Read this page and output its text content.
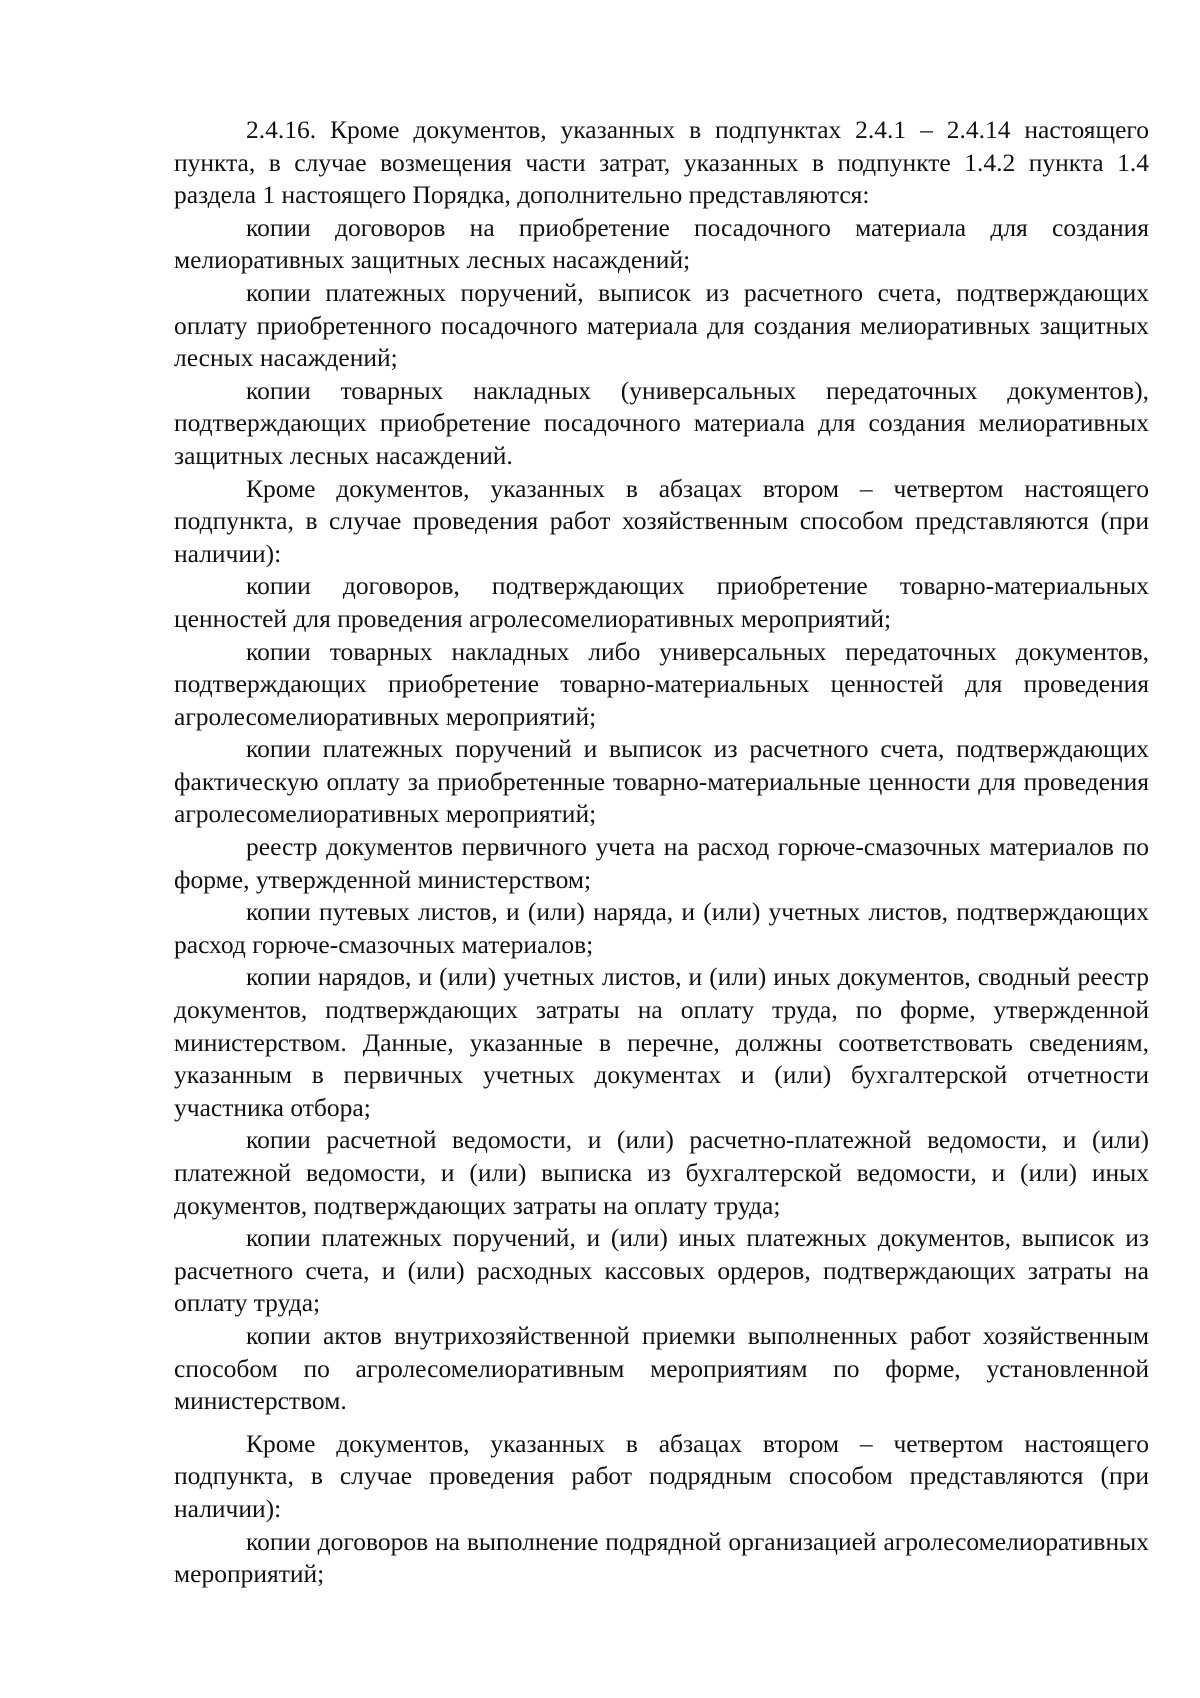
2.4.16. Кроме документов, указанных в подпунктах 2.4.1 – 2.4.14 настоящего пункта, в случае возмещения части затрат, указанных в подпункте 1.4.2 пункта 1.4 раздела 1 настоящего Порядка, дополнительно представляются:

копии договоров на приобретение посадочного материала для создания мелиоративных защитных лесных насаждений;

копии платежных поручений, выписок из расчетного счета, подтверждающих оплату приобретенного посадочного материала для создания мелиоративных защитных лесных насаждений;

копии товарных накладных (универсальных передаточных документов), подтверждающих приобретение посадочного материала для создания мелиоративных защитных лесных насаждений.

Кроме документов, указанных в абзацах втором – четвертом настоящего подпункта, в случае проведения работ хозяйственным способом представляются (при наличии):

копии договоров, подтверждающих приобретение товарно-материальных ценностей для проведения агролесомелиоративных мероприятий;

копии товарных накладных либо универсальных передаточных документов, подтверждающих приобретение товарно-материальных ценностей для проведения агролесомелиоративных мероприятий;

копии платежных поручений и выписок из расчетного счета, подтверждающих фактическую оплату за приобретенные товарно-материальные ценности для проведения агролесомелиоративных мероприятий;

реестр документов первичного учета на расход горюче-смазочных материалов по форме, утвержденной министерством;

копии путевых листов, и (или) наряда, и (или) учетных листов, подтверждающих расход горюче-смазочных материалов;

копии нарядов, и (или) учетных листов, и (или) иных документов, сводный реестр документов, подтверждающих затраты на оплату труда, по форме, утвержденной министерством. Данные, указанные в перечне, должны соответствовать сведениям, указанным в первичных учетных документах и (или) бухгалтерской отчетности участника отбора;

копии расчетной ведомости, и (или) расчетно-платежной ведомости, и (или) платежной ведомости, и (или) выписка из бухгалтерской ведомости, и (или) иных документов, подтверждающих затраты на оплату труда;

копии платежных поручений, и (или) иных платежных документов, выписок из расчетного счета, и (или) расходных кассовых ордеров, подтверждающих затраты на оплату труда;

копии актов внутрихозяйственной приемки выполненных работ хозяйственным способом по агролесомелиоративным мероприятиям по форме, установленной министерством.

Кроме документов, указанных в абзацах втором – четвертом настоящего подпункта, в случае проведения работ подрядным способом представляются (при наличии):

копии договоров на выполнение подрядной организацией агролесомелиоративных мероприятий;
